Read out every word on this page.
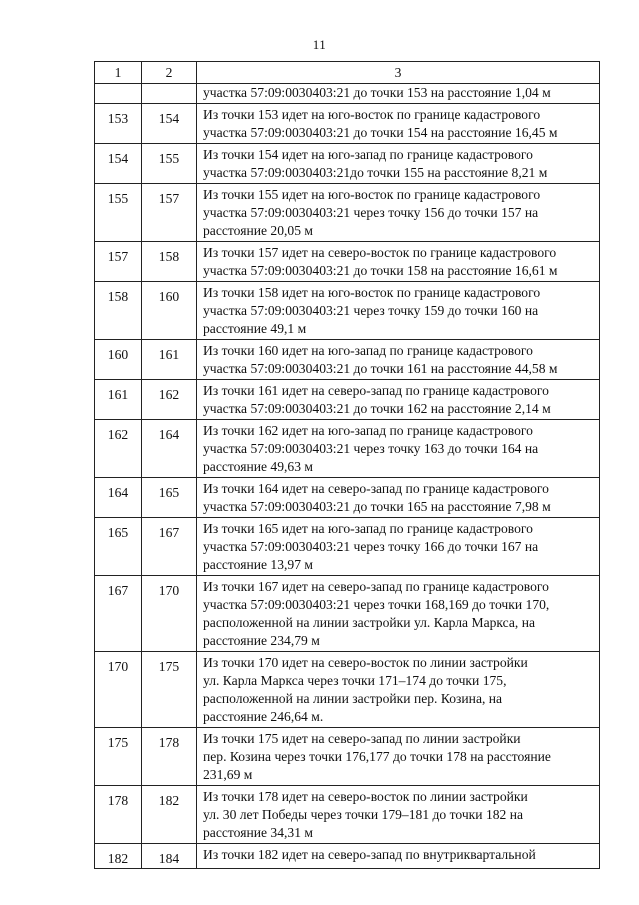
11
1	2	3
		участка 57:09:0030403:21 до точки 153 на расстояние 1,04 м
153	154	Из точки 153 идет на юго-восток по границе кадастрового
участка 57:09:0030403:21 до точки 154 на расстояние 16,45 м
154	155	Из точки 154 идет на юго-запад по границе кадастрового
участка 57:09:0030403:21до точки 155 на расстояние 8,21 м
155	157	Из точки 155 идет на юго-восток по границе кадастрового
участка 57:09:0030403:21 через точку 156 до точки 157 на
расстояние 20,05 м
157	158	Из точки 157 идет на северо-восток по границе кадастрового
участка 57:09:0030403:21 до точки 158 на расстояние 16,61 м
158	160	Из точки 158 идет на юго-восток по границе кадастрового
участка 57:09:0030403:21 через точку 159 до точки 160 на
расстояние 49,1 м
160	161	Из точки 160 идет на юго-запад по границе кадастрового
участка 57:09:0030403:21 до точки 161 на расстояние 44,58 м
161	162	Из точки 161 идет на северо-запад по границе кадастрового
участка 57:09:0030403:21 до точки 162 на расстояние 2,14 м
162	164	Из точки 162 идет на юго-запад по границе кадастрового
участка 57:09:0030403:21 через точку 163 до точки 164 на
расстояние 49,63 м
164	165	Из точки 164 идет на северо-запад по границе кадастрового
участка 57:09:0030403:21 до точки 165 на расстояние 7,98 м
165	167	Из точки 165 идет на юго-запад по границе кадастрового
участка 57:09:0030403:21 через точку 166 до точки 167 на
расстояние 13,97 м
167	170	Из точки 167 идет на северо-запад по границе кадастрового
участка 57:09:0030403:21 через точки 168,169 до точки 170,
расположенной на линии застройки ул. Карла Маркса, на
расстояние 234,79 м
170	175	Из точки 170 идет на северо-восток по линии застройки
ул. Карла Маркса через точки 171–174 до точки 175,
расположенной на линии застройки пер. Козина, на
расстояние 246,64 м.
175	178	Из точки 175 идет на северо-запад по линии застройки
пер. Козина через точки 176,177 до точки 178 на расстояние
231,69 м
178	182	Из точки 178 идет на северо-восток по линии застройки
ул. 30 лет Победы через точки 179–181 до точки 182 на
расстояние 34,31 м
182	184	Из точки 182 идет на северо-запад по внутриквартальной
